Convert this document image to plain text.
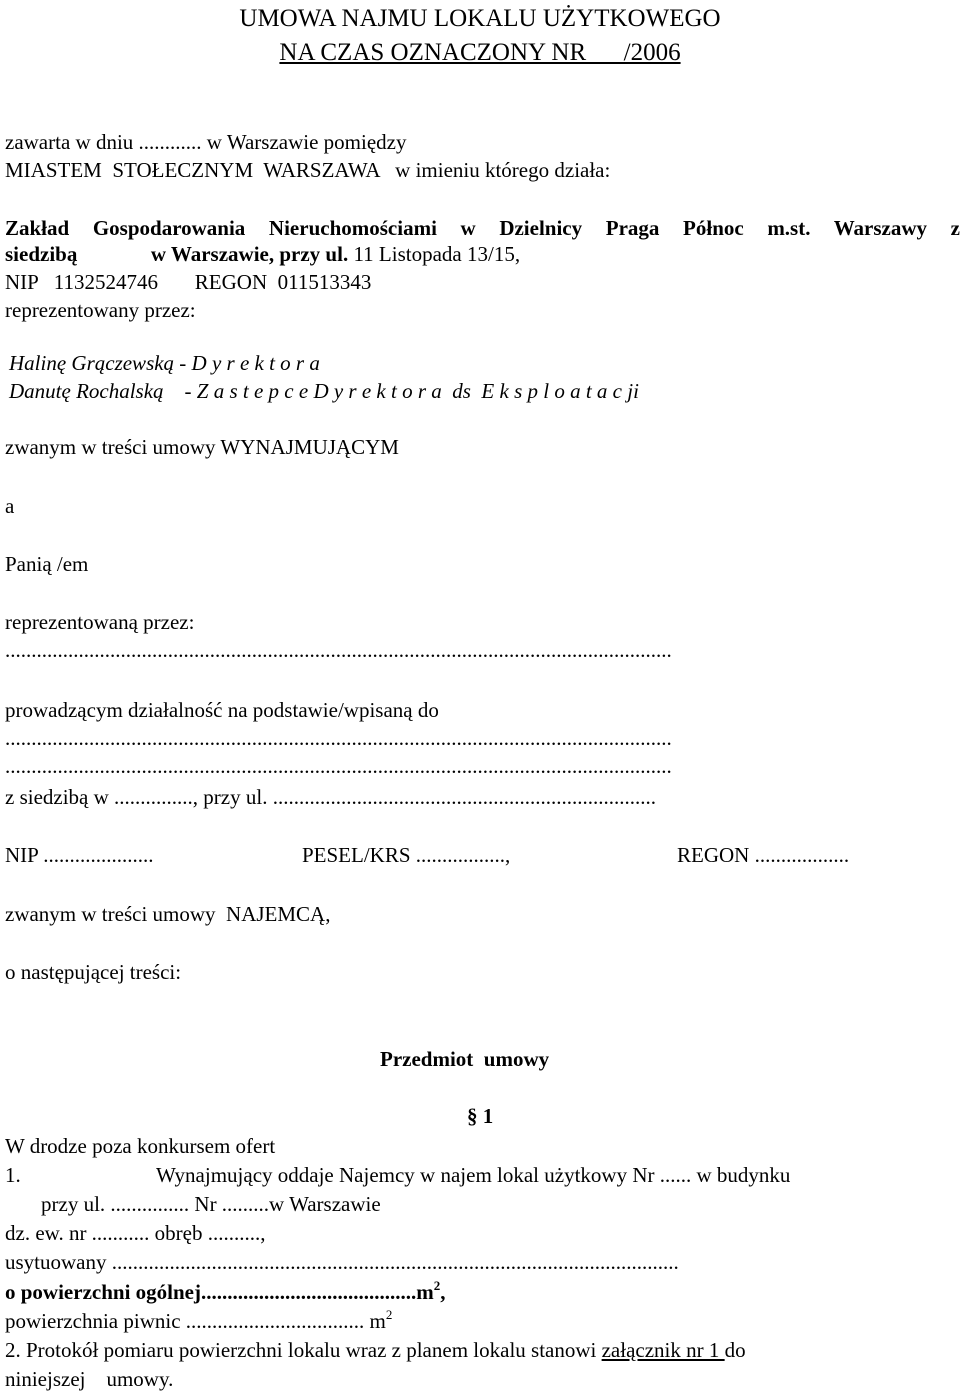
UMOWA NAJMU LOKALU UŻYTKOWEGO
NA CZAS OZNACZONY NR      /2006
zawarta w dniu ............ w Warszawie pomiędzy
MIASTEM  STOŁECZNYM  WARSZAWA   w imieniu którego działa:
Zakład Gospodarowania Nieruchomościami w Dzielnicy Praga Północ m.st. Warszawy z
siedzibą              w Warszawie, przy ul. 11 Listopada 13/15,
NIP   1132524746       REGON  011513343
reprezentowany przez:
Halinę Grączewską - D y r e k t o r a
Danutę Rochalską    - Z a s t e p c e D y r e k t o r a  ds  E k s p l o a t a c ji
zwanym w treści umowy WYNAJMUJĄCYM
a
Panią /em
reprezentowaną przez:
...............................................................................................................................
prowadzącym działalność na podstawie/wpisaną do
...............................................................................................................................
...............................................................................................................................
z siedzibą w ..............., przy ul. .........................................................................
NIP .....................	PESEL/KRS .................,	REGON ..................
zwanym w treści umowy  NAJEMCĄ,
o następującej treści:
Przedmiot  umowy
§ 1
W drodze poza konkursem ofert
1.	Wynajmujący oddaje Najemcy w najem lokal użytkowy Nr ...... w budynku
przy ul. ............... Nr .........w Warszawie
dz. ew. nr ........... obręb ..........,
usytuowany ............................................................................................................
o powierzchni $ogólnej.........................................m^2$,
powierzchnia piwnic .................................. $m^2$
2. Protokół pomiaru powierzchni lokalu wraz z planem lokalu stanowi załącznik nr 1 do
niniejszej    umowy.
